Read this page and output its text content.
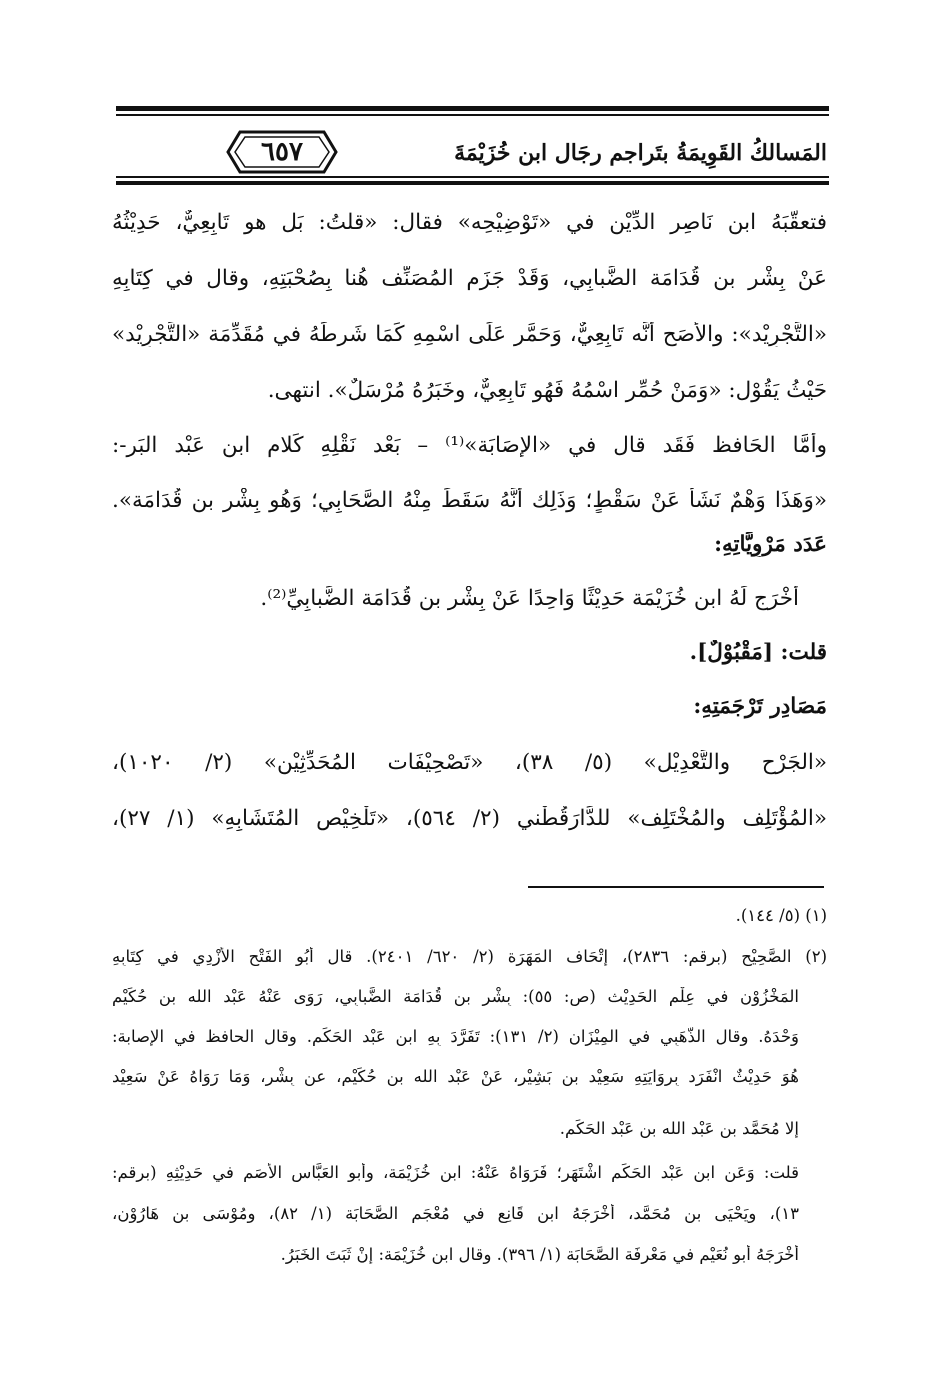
٦٥٧	المَسالكُ القَوِيمَةُ بتَراجم رجَال ابن خُزَيْمَةَ
فتعقَّبَهُ ابن نَاصِر الدِّيْن في «تَوْضِيْحِه» فقال: «قلتُ: بَل هو تَابِعِيٌّ، حَدِيْثُهُ
عَنْ بِشْر بن قُدَامَة الضَّبابِي، وَقَدْ جَزَم المُصَنِّف هُنا بِصُحْبَتِهِ، وقال في كِتَابِهِ
«التَّجْرِيْد»: والأَصَح أَنَّه تَابِعِيٌّ، وَحَمَّر عَلَى اسْمِهِ كَمَا شَرطَهُ في مُقَدِّمَة «التَّجْرِيْد»
حَيْثُ يَقُوْل: «وَمَنْ حُمِّر اسْمُهُ فَهُو تَابِعِيٌّ، وخَبَرُهُ مُرْسَلٌ». انتهى.
وأَمَّا الحَافظ فَقَد قال في «الإِصَابَة»⁽¹⁾ – بَعْد نَقْلِهِ كَلام ابن عَبْد البَر-:
«وَهَذَا وَهْمٌ نَشَأَ عَنْ سَقْطٍ؛ وَذَلِك أَنَّهُ سَقَطَ مِنْهُ الصَّحَابِي؛ وَهُو بِشْر بن قُدَامَة».
عَدَد مَرْوِيَّاتِهِ:
أَخْرَج لَهُ ابن خُزَيْمَة حَدِيْثًا وَاحِدًا عَنْ بِشْر بن قُدَامَة الضَّبابِيِّ⁽²⁾.
قلت: [مَقْبُوْلٌ].
مَصَادِر تَرْجَمَتِهِ:
«الجَرْح والتَّعْدِيْل» (٥/ ٣٨)، «تَصْحِيْفَات المُحَدِّثِيْن» (٢/ ١٠٢٠)،
«المُؤْتَلِف والمُخْتَلِف» للدَّارَقُطْني (٢/ ٥٦٤)، «تَلْخِيْص المُتَشَابِهِ» (١/ ٢٧)،
(١) (٥/ ١٤٤).
(٢) الصَّحِيْح (برقم: ٢٨٣٦)، إِتْحَاف المَهَرَة (٢/ ٦٢٠/ ٢٤٠١). قال أَبُو الفَتْح الأَزْدِي في كِتَابِهِ
المَخْزُوْن في عِلْم الحَدِيْث (ص: ٥٥): بِشْر بن قُدَامَة الضَّبابِي، رَوَى عَنْهُ عَبْد الله بن حُكَيْم
وَحْدَهُ. وقال الذَّهَبِي في المِيْزَان (٢/ ١٣١): تَفَرَّدَ بِهِ ابن عَبْد الحَكَم. وقال الحافظ في الإصابة:
هُوَ حَدِيْثٌ انْفَرَد بِرِوَايَتِهِ سَعِيْد بن بَشِيْر، عَنْ عَبْد الله بن حُكَيْم، عن بِشْر، وَمَا رَوَاهُ عَنْ سَعِيْد
إلا مُحَمَّد بن عَبْد الله بن عَبْد الحَكَم.
قلت: وَعَنِ ابن عَبْد الحَكَم اشْتَهَر؛ فَرَوَاهُ عَنْهُ: ابن خُزَيْمَة، وأَبو العَبَّاس الأَصَم في حَدِيْثِهِ (برقم:
١٣)، ويَحْيَى بن مُحَمَّد، أَخْرَجَهُ ابن قَانِع في مُعْجَم الصَّحَابَة (١/ ٨٢)، ومُوْسَى بن هَارُوْن،
أَخْرَجَهُ أَبو نُعَيْم في مَعْرِفَة الصَّحَابَة (١/ ٣٩٦). وقال ابن خُزَيْمَة: إِنْ ثَبَتَ الخَبَرُ.
